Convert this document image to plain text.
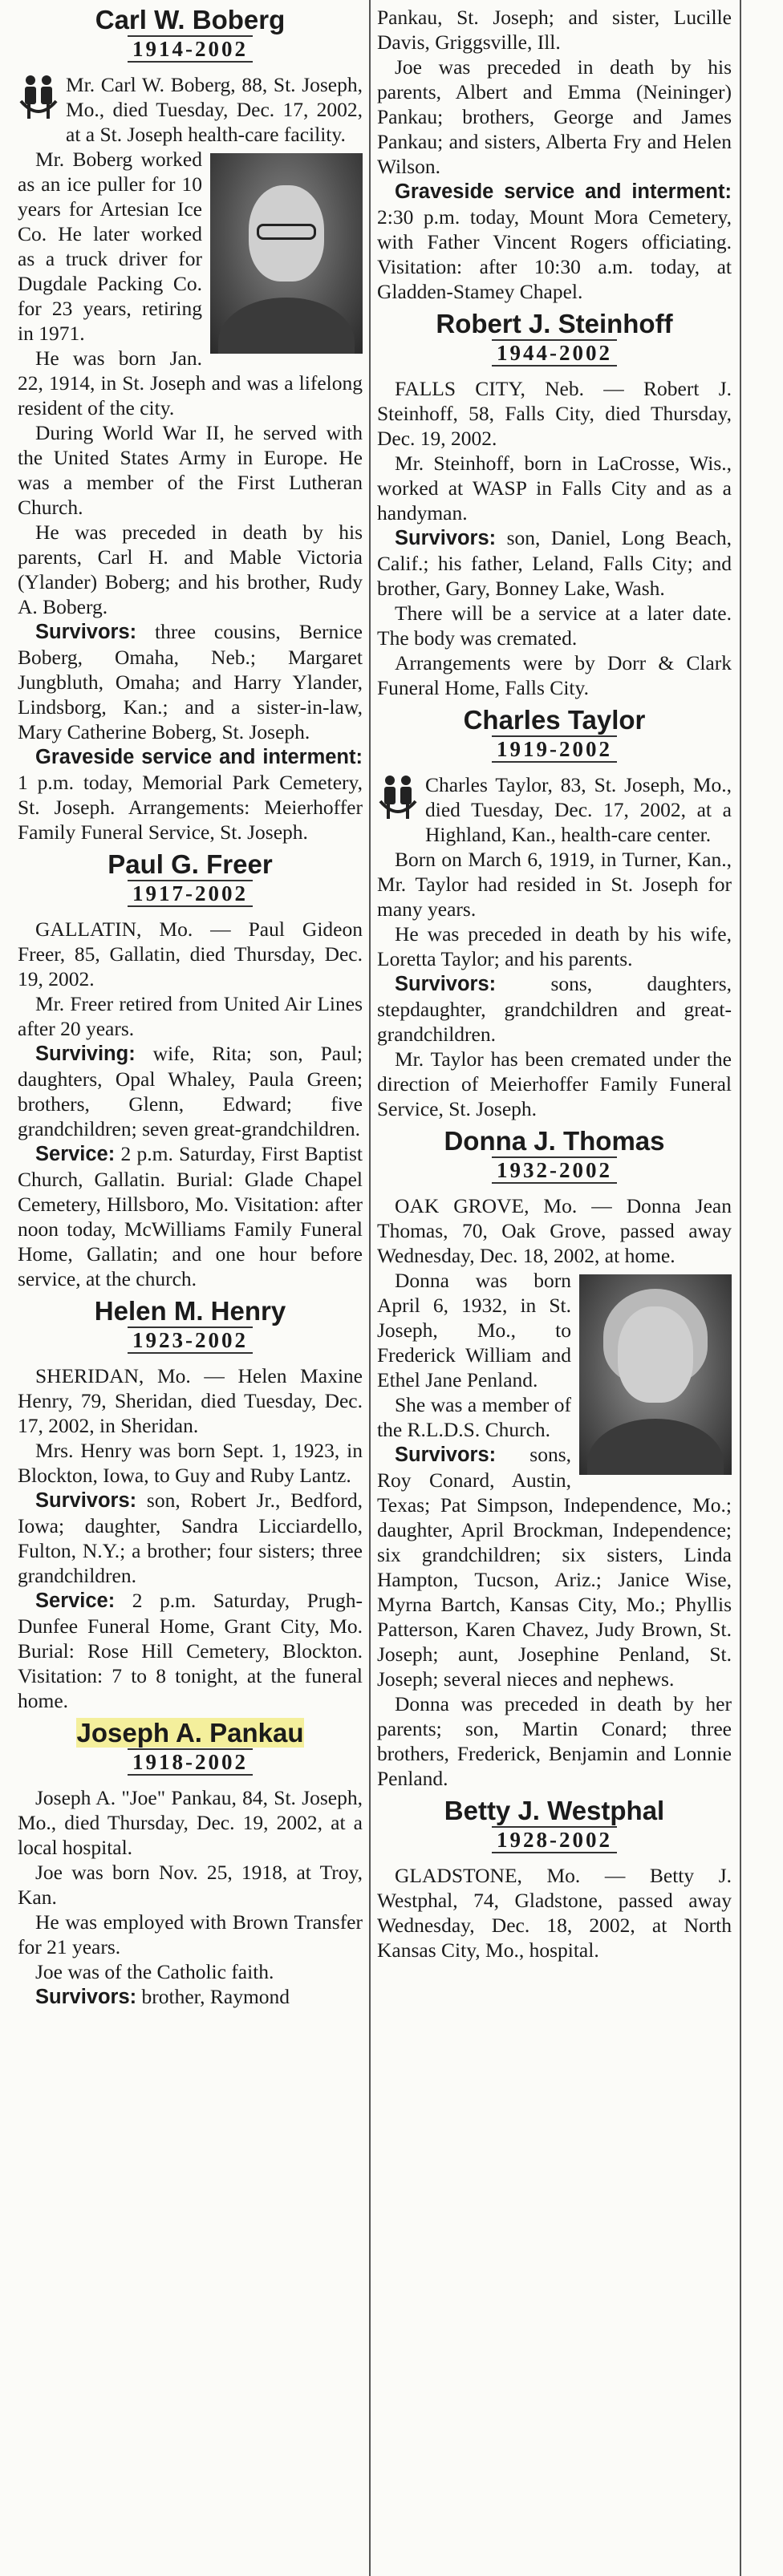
Carl W. Boberg
1914-2002

Mr. Carl W. Boberg, 88, St. Joseph, Mo., died Tuesday, Dec. 17, 2002, at a St. Joseph health-care facility.

Mr. Boberg worked as an ice puller for 10 years for Artesian Ice Co. He later worked as a truck driver for Dugdale Packing Co. for 23 years, retiring in 1971.

He was born Jan. 22, 1914, in St. Joseph and was a lifelong resident of the city.

During World War II, he served with the United States Army in Europe. He was a member of the First Lutheran Church.

He was preceded in death by his parents, Carl H. and Mable Victoria (Ylander) Boberg; and his brother, Rudy A. Boberg.

Survivors: three cousins, Bernice Boberg, Omaha, Neb.; Margaret Jungbluth, Omaha; and Harry Ylander, Lindsborg, Kan.; and a sister-in-law, Mary Catherine Boberg, St. Joseph.

Graveside service and interment: 1 p.m. today, Memorial Park Cemetery, St. Joseph. Arrangements: Meierhoffer Family Funeral Service, St. Joseph.

Paul G. Freer
1917-2002

GALLATIN, Mo. — Paul Gideon Freer, 85, Gallatin, died Thursday, Dec. 19, 2002.

Mr. Freer retired from United Air Lines after 20 years.

Surviving: wife, Rita; son, Paul; daughters, Opal Whaley, Paula Green; brothers, Glenn, Edward; five grandchildren; seven great-grandchildren.

Service: 2 p.m. Saturday, First Baptist Church, Gallatin. Burial: Glade Chapel Cemetery, Hillsboro, Mo. Visitation: after noon today, McWilliams Family Funeral Home, Gallatin; and one hour before service, at the church.

Helen M. Henry
1923-2002

SHERIDAN, Mo. — Helen Maxine Henry, 79, Sheridan, died Tuesday, Dec. 17, 2002, in Sheridan.

Mrs. Henry was born Sept. 1, 1923, in Blockton, Iowa, to Guy and Ruby Lantz.

Survivors: son, Robert Jr., Bedford, Iowa; daughter, Sandra Licciardello, Fulton, N.Y.; a brother; four sisters; three grandchildren.

Service: 2 p.m. Saturday, Prugh-Dunfee Funeral Home, Grant City, Mo. Burial: Rose Hill Cemetery, Blockton. Visitation: 7 to 8 tonight, at the funeral home.

Joseph A. Pankau
1918-2002

Joseph A. "Joe" Pankau, 84, St. Joseph, Mo., died Thursday, Dec. 19, 2002, at a local hospital.

Joe was born Nov. 25, 1918, at Troy, Kan.

He was employed with Brown Transfer for 21 years.

Joe was of the Catholic faith.

Survivors: brother, Raymond

Pankau, St. Joseph; and sister, Lucille Davis, Griggsville, Ill.

Joe was preceded in death by his parents, Albert and Emma (Neininger) Pankau; brothers, George and James Pankau; and sisters, Alberta Fry and Helen Wilson.

Graveside service and interment: 2:30 p.m. today, Mount Mora Cemetery, with Father Vincent Rogers officiating. Visitation: after 10:30 a.m. today, at Gladden-Stamey Chapel.

Robert J. Steinhoff
1944-2002

FALLS CITY, Neb. — Robert J. Steinhoff, 58, Falls City, died Thursday, Dec. 19, 2002.

Mr. Steinhoff, born in LaCrosse, Wis., worked at WASP in Falls City and as a handyman.

Survivors: son, Daniel, Long Beach, Calif.; his father, Leland, Falls City; and brother, Gary, Bonney Lake, Wash.

There will be a service at a later date. The body was cremated.

Arrangements were by Dorr & Clark Funeral Home, Falls City.

Charles Taylor
1919-2002

Charles Taylor, 83, St. Joseph, Mo., died Tuesday, Dec. 17, 2002, at a Highland, Kan., health-care center.

Born on March 6, 1919, in Turner, Kan., Mr. Taylor had resided in St. Joseph for many years.

He was preceded in death by his wife, Loretta Taylor; and his parents.

Survivors:	sons, daughters, stepdaughter, grandchildren and great-grandchildren.

Mr. Taylor has been cremated under the direction of Meierhoffer Family Funeral Service, St. Joseph.

Donna J. Thomas
1932-2002

OAK GROVE, Mo. — Donna Jean Thomas, 70, Oak Grove, passed away Wednesday, Dec. 18, 2002, at home.

Donna was born April 6, 1932, in St. Joseph, Mo., to Frederick William and Ethel Jane Penland.

She was a member of the R.L.D.S. Church.

Survivors: sons, Roy Conard, Austin, Texas; Pat Simpson, Independence, Mo.; daughter, April Brockman, Independence; six grandchildren; six sisters, Linda Hampton, Tucson, Ariz.; Janice Wise, Myrna Bartch, Kansas City, Mo.; Phyllis Patterson, Karen Chavez, Judy Brown, St. Joseph; aunt, Josephine Penland, St. Joseph; several nieces and nephews.

Donna was preceded in death by her parents; son, Martin Conard; three brothers, Frederick, Benjamin and Lonnie Penland.

Betty J. Westphal
1928-2002

GLADSTONE, Mo. — Betty J. Westphal, 74, Gladstone, passed away Wednesday, Dec. 18, 2002, at North Kansas City, Mo., hospital.
